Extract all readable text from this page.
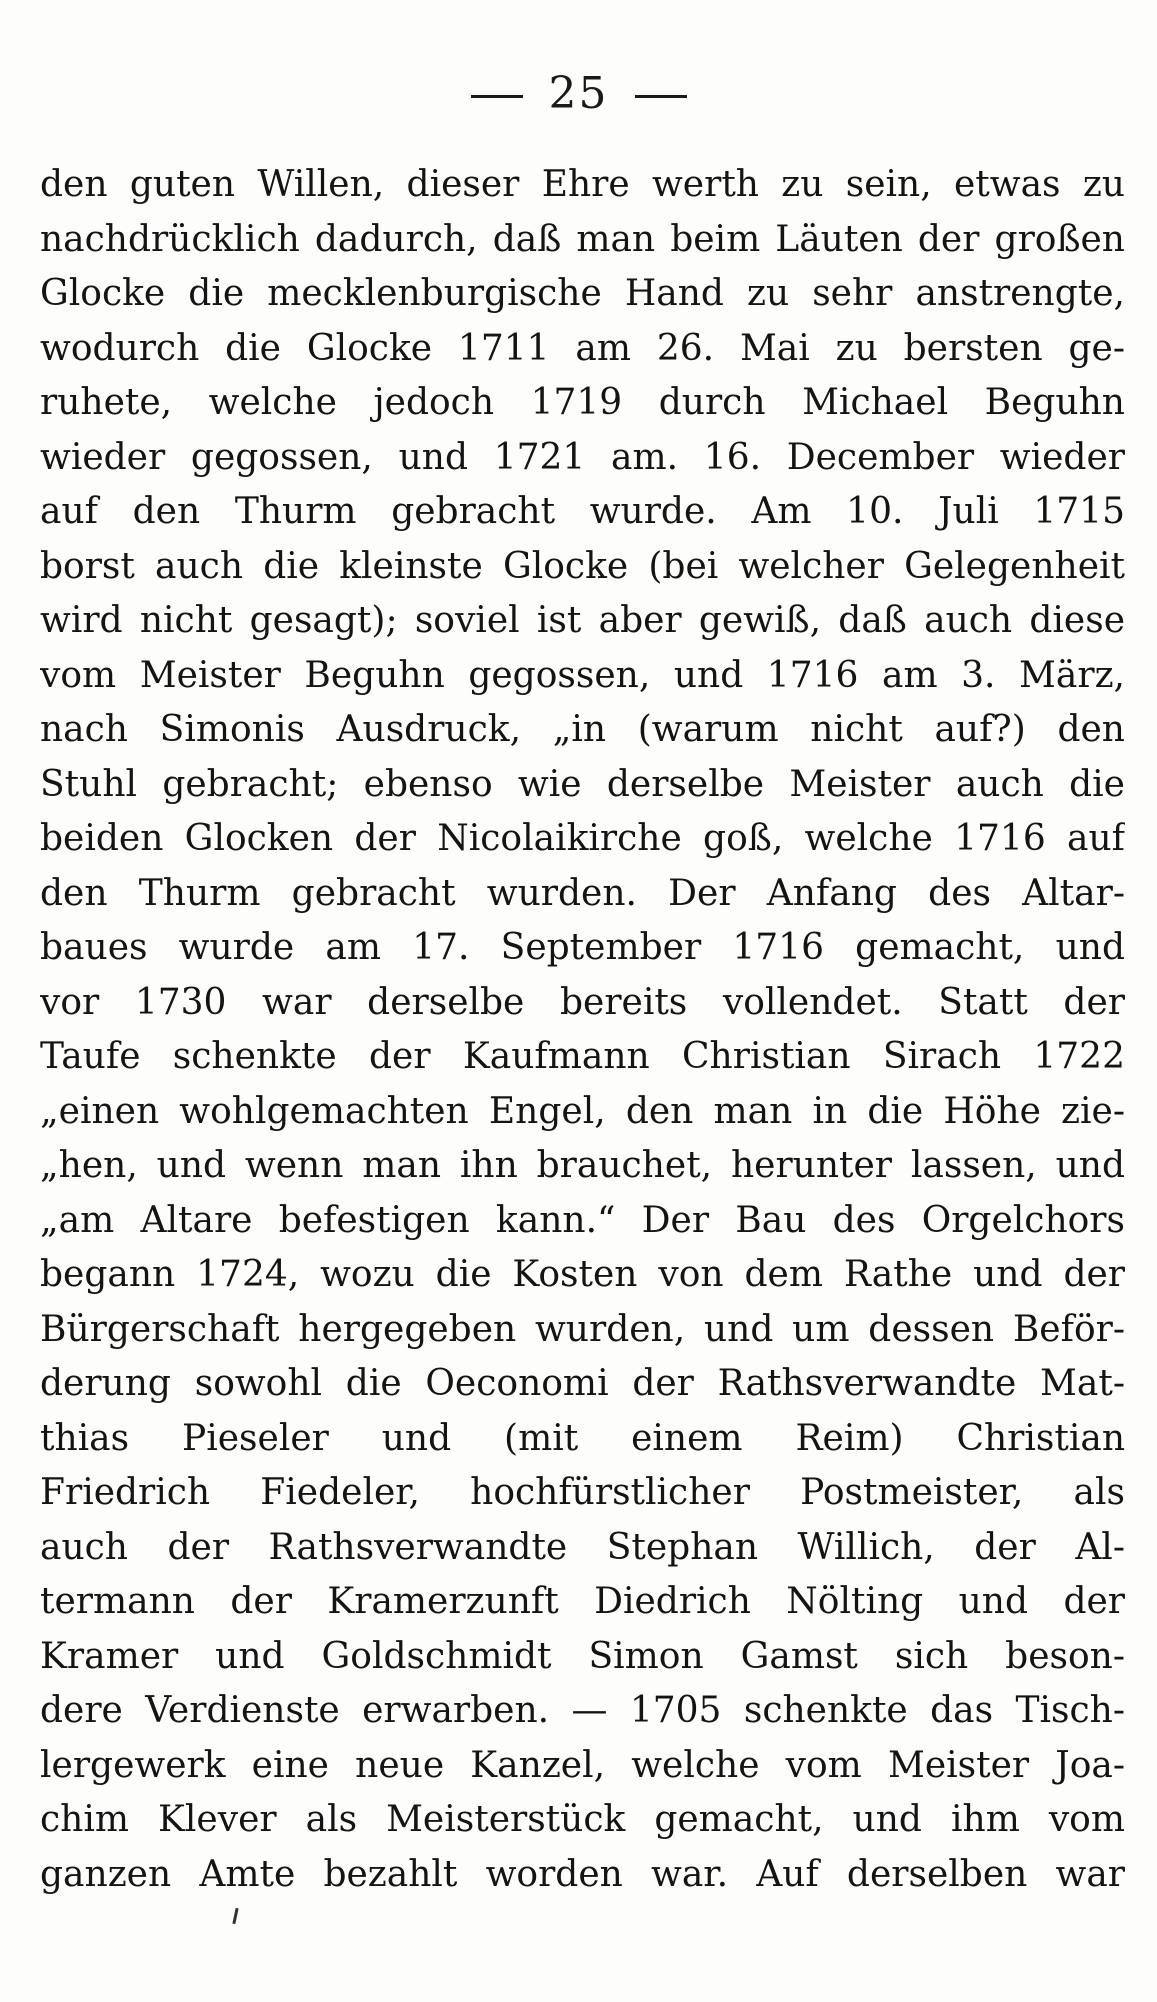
25
den guten Willen, dieser Ehre werth zu sein, etwas zu
nachdrücklich dadurch, daß man beim Läuten der großen
Glocke die mecklenburgische Hand zu sehr anstrengte,
wodurch die Glocke 1711 am 26. Mai zu bersten ge-
ruhete, welche jedoch 1719 durch Michael Beguhn
wieder gegossen, und 1721 am. 16. December wieder
auf den Thurm gebracht wurde. Am 10. Juli 1715
borst auch die kleinste Glocke (bei welcher Gelegenheit
wird nicht gesagt); soviel ist aber gewiß, daß auch diese
vom Meister Beguhn gegossen, und 1716 am 3. März,
nach Simonis Ausdruck, „in (warum nicht auf?) den
Stuhl gebracht; ebenso wie derselbe Meister auch die
beiden Glocken der Nicolaikirche goß, welche 1716 auf
den Thurm gebracht wurden. Der Anfang des Altar-
baues wurde am 17. September 1716 gemacht, und
vor 1730 war derselbe bereits vollendet. Statt der
Taufe schenkte der Kaufmann Christian Sirach 1722
„einen wohlgemachten Engel, den man in die Höhe zie-
„hen, und wenn man ihn brauchet, herunter lassen, und
„am Altare befestigen kann.“ Der Bau des Orgelchors
begann 1724, wozu die Kosten von dem Rathe und der
Bürgerschaft hergegeben wurden, und um dessen Beför-
derung sowohl die Oeconomi der Rathsverwandte Mat-
thias Pieseler und (mit einem Reim) Christian
Friedrich Fiedeler, hochfürstlicher Postmeister, als
auch der Rathsverwandte Stephan Willich, der Al-
termann der Kramerzunft Diedrich Nölting und der
Kramer und Goldschmidt Simon Gamst sich beson-
dere Verdienste erwarben. — 1705 schenkte das Tisch-
lergewerk eine neue Kanzel, welche vom Meister Joa-
chim Klever als Meisterstück gemacht, und ihm vom
ganzen Amte bezahlt worden war. Auf derselben war
